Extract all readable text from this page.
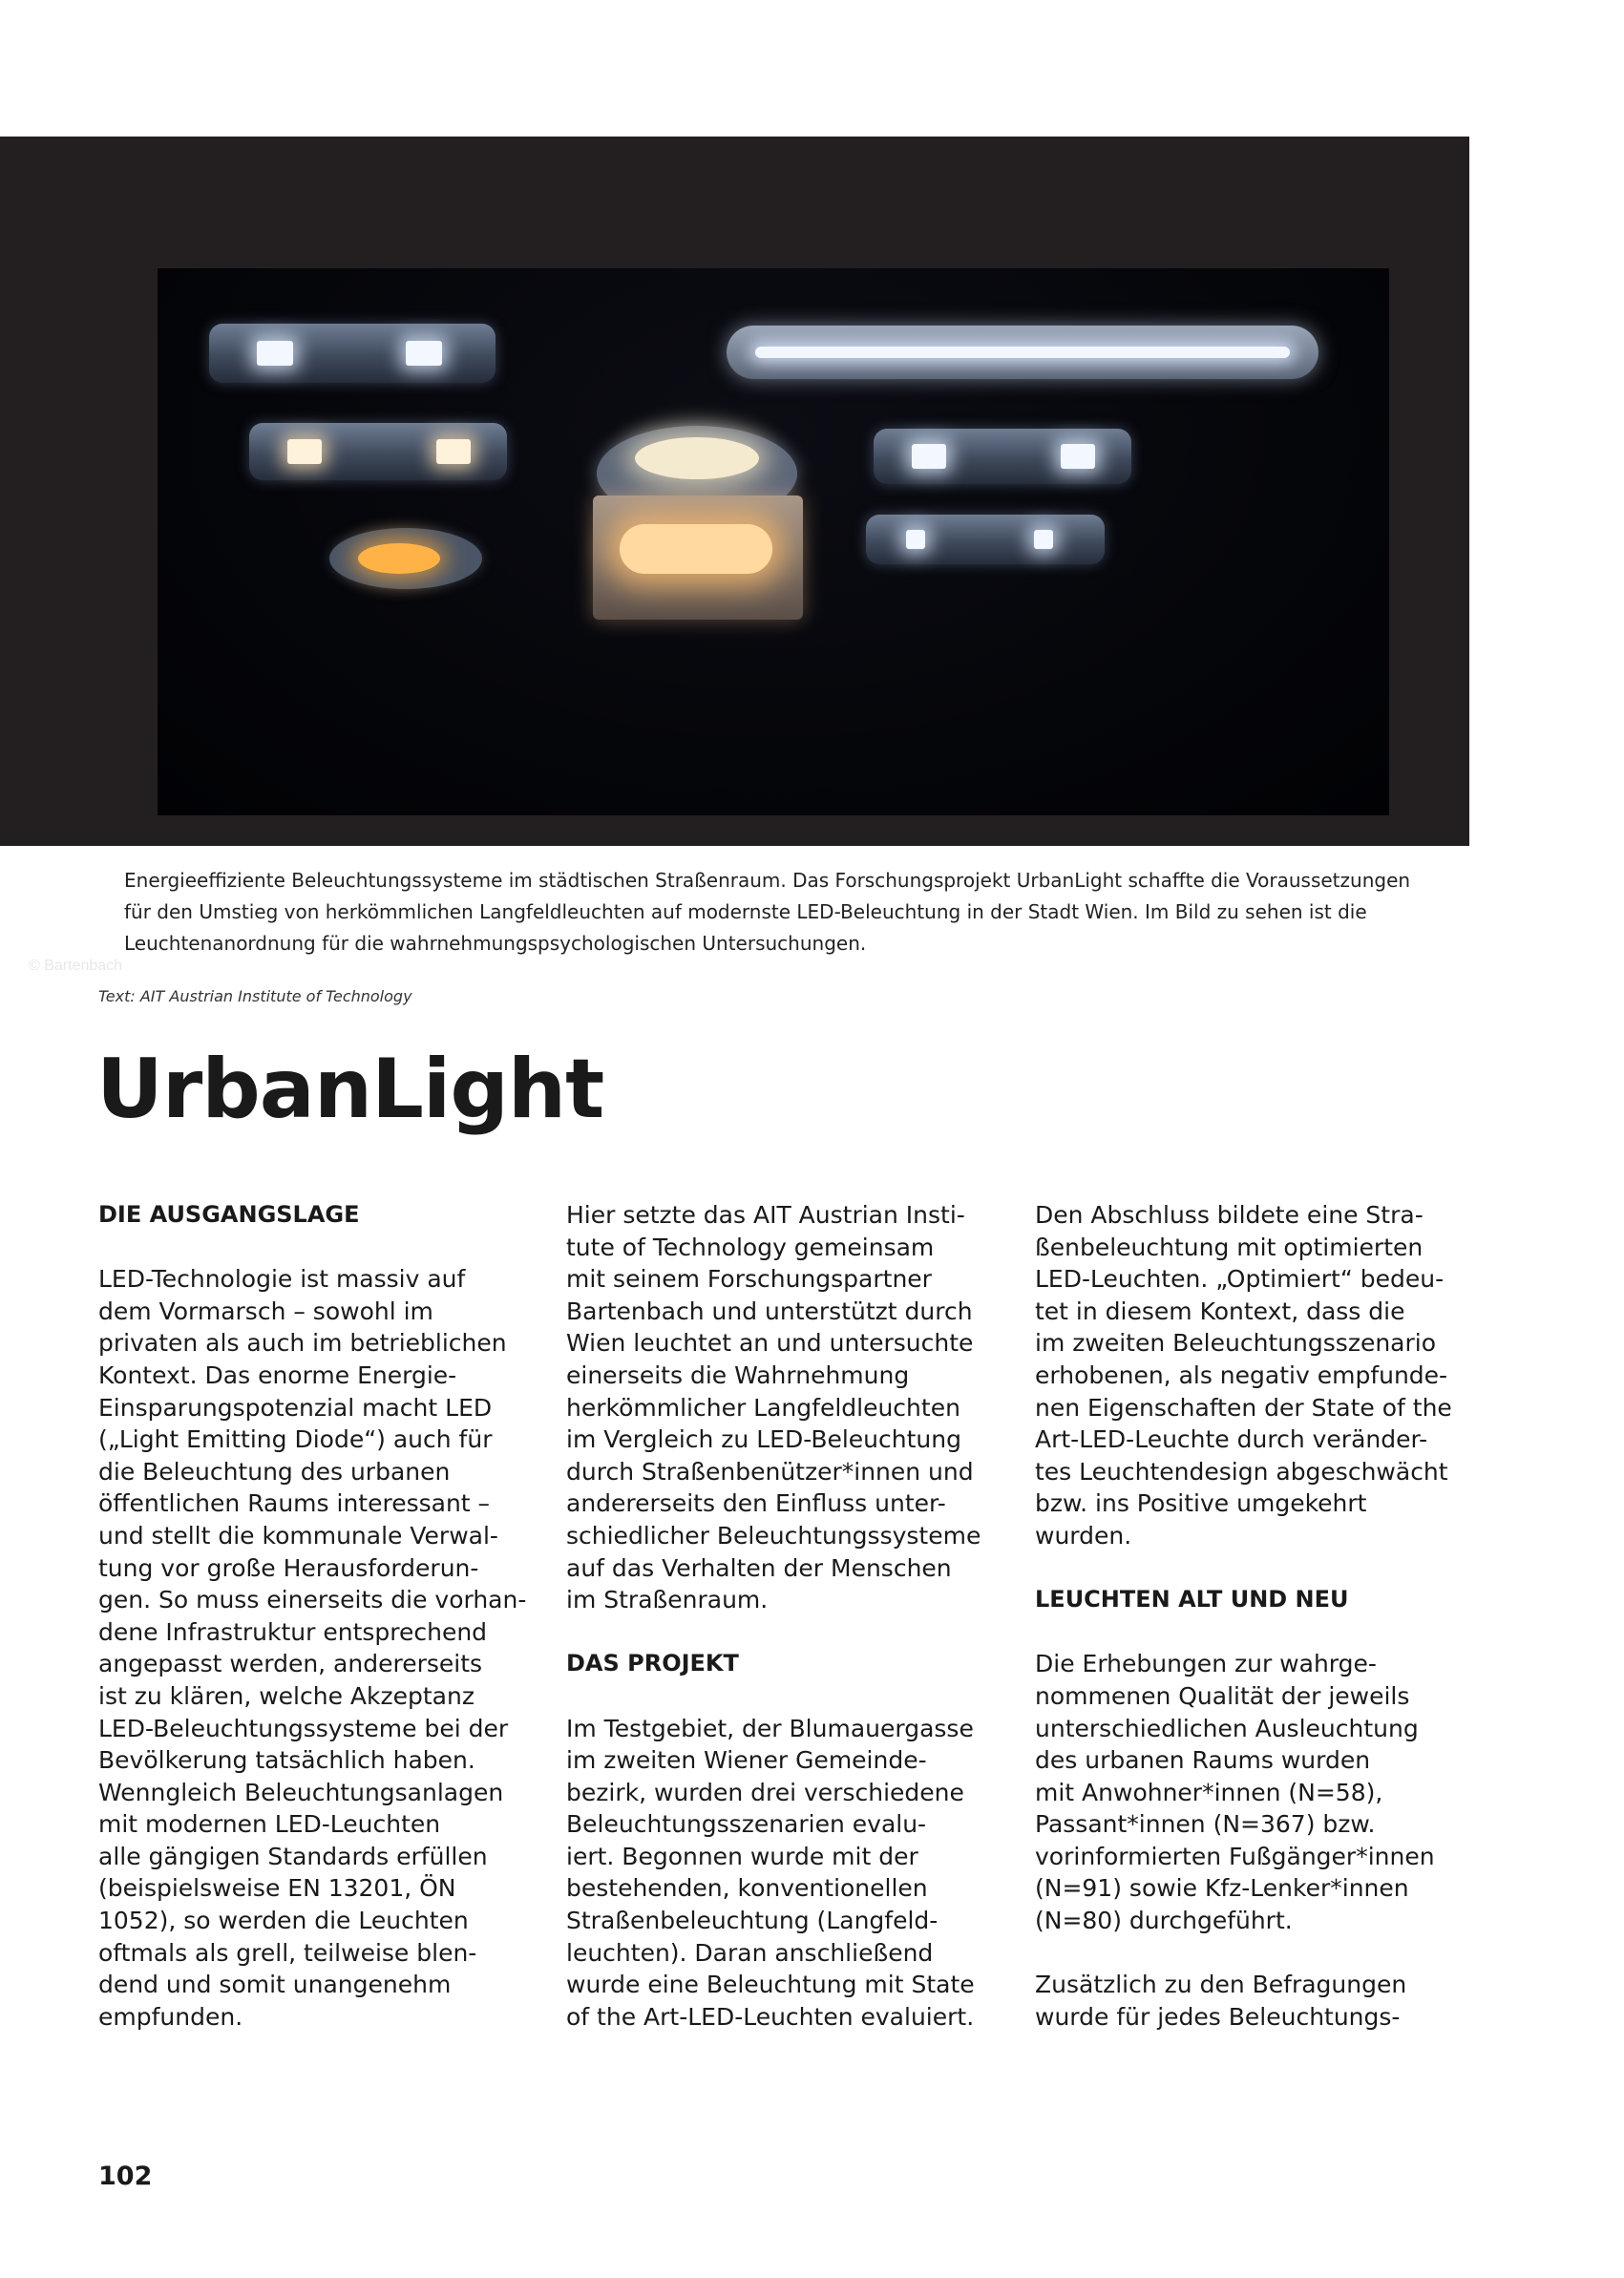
© Bartenbach
Energieeffiziente Beleuchtungssysteme im städtischen Straßenraum. Das Forschungsprojekt UrbanLight schaffte die Voraussetzungen
für den Umstieg von herkömmlichen Langfeldleuchten auf modernste LED-Beleuchtung in der Stadt Wien. Im Bild zu sehen ist die
Leuchtenanordnung für die wahrnehmungspsychologischen Untersuchungen.
Text: AIT Austrian Institute of Technology
UrbanLight
DIE AUSGANGSLAGE
LED-Technologie ist massiv auf
dem Vormarsch – sowohl im
privaten als auch im betrieblichen
Kontext. Das enorme Energie-
Einsparungspotenzial macht LED
(„Light Emitting Diode“) auch für
die Beleuchtung des urbanen
öffentlichen Raums interessant –
und stellt die kommunale Verwal-
tung vor große Herausforderun-
gen. So muss einerseits die vorhan-
dene Infrastruktur entsprechend
angepasst werden, andererseits
ist zu klären, welche Akzeptanz
LED-Beleuchtungssysteme bei der
Bevölkerung tatsächlich haben.
Wenngleich Beleuchtungsanlagen
mit modernen LED-Leuchten
alle gängigen Standards erfüllen
(beispielsweise EN 13201, ÖN
1052), so werden die Leuchten
oftmals als grell, teilweise blen-
dend und somit unangenehm
empfunden.
Hier setzte das AIT Austrian Insti-
tute of Technology gemeinsam
mit seinem Forschungspartner
Bartenbach und unterstützt durch
Wien leuchtet an und untersuchte
einerseits die Wahrnehmung
herkömmlicher Langfeldleuchten
im Vergleich zu LED-Beleuchtung
durch Straßenbenützer*innen und
andererseits den Einfluss unter-
schiedlicher Beleuchtungssysteme
auf das Verhalten der Menschen
im Straßenraum.
DAS PROJEKT
Im Testgebiet, der Blumauergasse
im zweiten Wiener Gemeinde-
bezirk, wurden drei verschiedene
Beleuchtungsszenarien evalu-
iert. Begonnen wurde mit der
bestehenden, konventionellen
Straßenbeleuchtung (Langfeld-
leuchten). Daran anschließend
wurde eine Beleuchtung mit State
of the Art-LED-Leuchten evaluiert.
Den Abschluss bildete eine Stra-
ßenbeleuchtung mit optimierten
LED-Leuchten. „Optimiert“ bedeu-
tet in diesem Kontext, dass die
im zweiten Beleuchtungsszenario
erhobenen, als negativ empfunde-
nen Eigenschaften der State of the
Art-LED-Leuchte durch veränder-
tes Leuchtendesign abgeschwächt
bzw. ins Positive umgekehrt
wurden.
LEUCHTEN ALT UND NEU
Die Erhebungen zur wahrge-
nommenen Qualität der jeweils
unterschiedlichen Ausleuchtung
des urbanen Raums wurden
mit Anwohner*innen (N=58),
Passant*innen (N=367) bzw.
vorinformierten Fußgänger*innen
(N=91) sowie Kfz-Lenker*innen
(N=80) durchgeführt.
Zusätzlich zu den Befragungen
wurde für jedes Beleuchtungs-
102
